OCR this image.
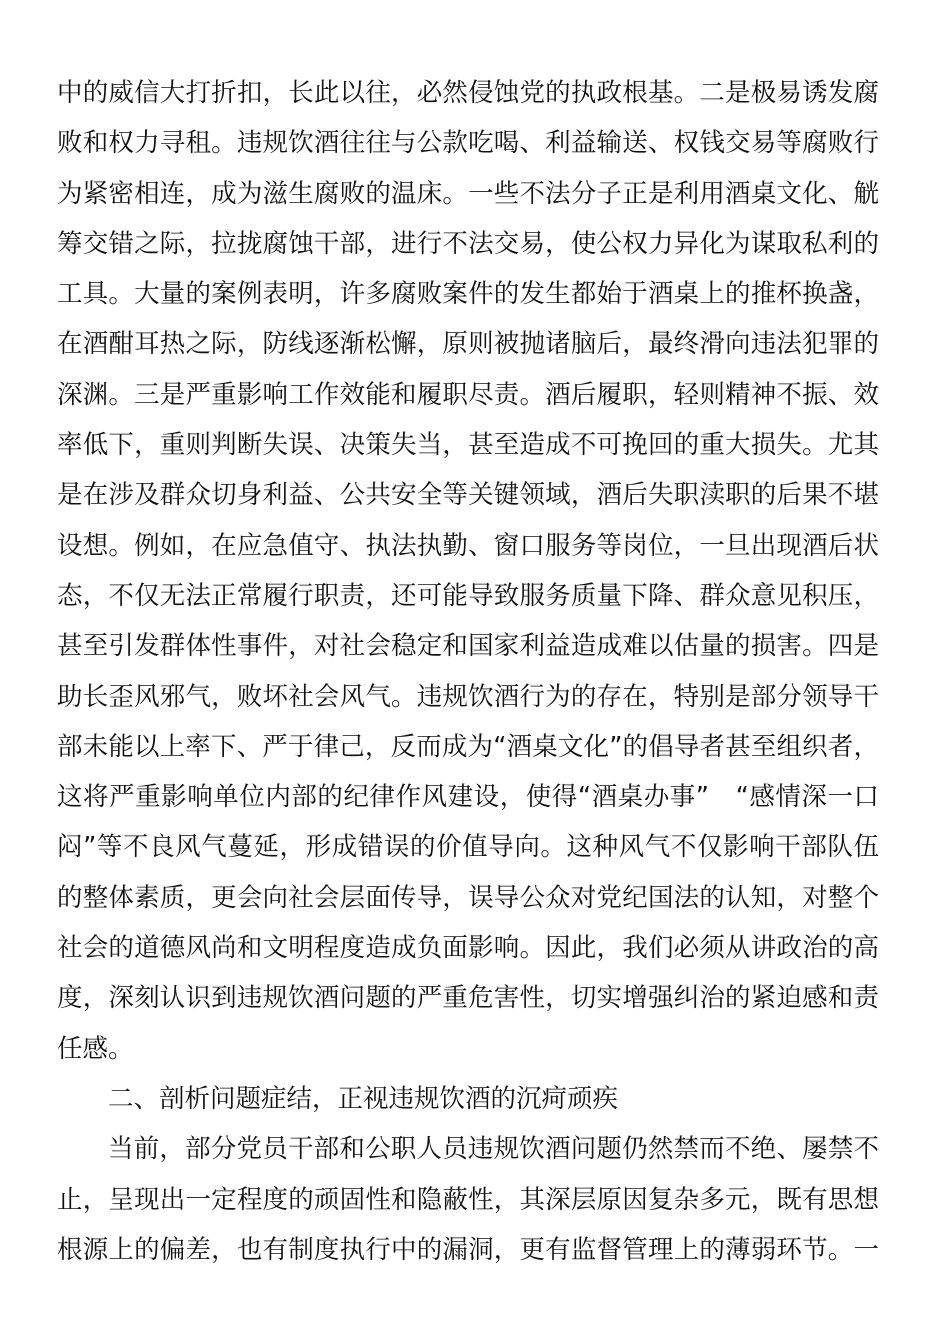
中的威信大打折扣，长此以往，必然侵蚀党的执政根基。二是极易诱发腐
败和权力寻租。违规饮酒往往与公款吃喝、利益输送、权钱交易等腐败行
为紧密相连，成为滋生腐败的温床。一些不法分子正是利用酒桌文化、觥
筹交错之际，拉拢腐蚀干部，进行不法交易，使公权力异化为谋取私利的
工具。大量的案例表明，许多腐败案件的发生都始于酒桌上的推杯换盏，
在酒酣耳热之际，防线逐渐松懈，原则被抛诸脑后，最终滑向违法犯罪的
深渊。三是严重影响工作效能和履职尽责。酒后履职，轻则精神不振、效
率低下，重则判断失误、决策失当，甚至造成不可挽回的重大损失。尤其
是在涉及群众切身利益、公共安全等关键领域，酒后失职渎职的后果不堪
设想。例如，在应急值守、执法执勤、窗口服务等岗位，一旦出现酒后状
态，不仅无法正常履行职责，还可能导致服务质量下降、群众意见积压，
甚至引发群体性事件，对社会稳定和国家利益造成难以估量的损害。四是
助长歪风邪气，败坏社会风气。违规饮酒行为的存在，特别是部分领导干
部未能以上率下、严于律己，反而成为“酒桌文化”的倡导者甚至组织者，
这将严重影响单位内部的纪律作风建设，使得“酒桌办事”　“感情深一口
闷”等不良风气蔓延，形成错误的价值导向。这种风气不仅影响干部队伍
的整体素质，更会向社会层面传导，误导公众对党纪国法的认知，对整个
社会的道德风尚和文明程度造成负面影响。因此，我们必须从讲政治的高
度，深刻认识到违规饮酒问题的严重危害性，切实增强纠治的紧迫感和责
任感。
二、剖析问题症结，正视违规饮酒的沉疴顽疾
当前，部分党员干部和公职人员违规饮酒问题仍然禁而不绝、屡禁不
止，呈现出一定程度的顽固性和隐蔽性，其深层原因复杂多元，既有思想
根源上的偏差，也有制度执行中的漏洞，更有监督管理上的薄弱环节。一
